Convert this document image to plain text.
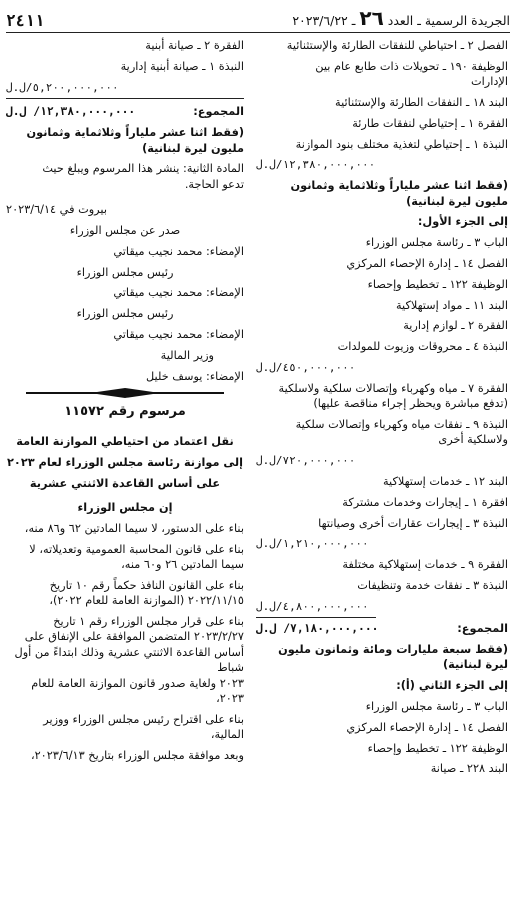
الجريدة الرسمية ـ العدد ٢٦ ـ ٢٠٢٣/٦/٢٢
٢٤١١

الفصل ٢ ـ احتياطي للنفقات الطارئة والإستثنائية

الوظيفة ١٩٠ ـ تحويلات ذات طابع عام بين

الإدارات

البند ١٨ ـ النفقات الطارئة والإستثنائية

الفقرة ١ ـ إحتياطي لنفقات طارئة

النبذة ١ ـ إحتياطي لتغذية مختلف بنود الموازنة

١٢,٣٨٠,٠٠٠,٠٠٠/ل.ل

(فقط اثنا عشر ملياراً وثلاثماية وثمانون

مليون ليرة لبنانية)

إلى الجزء الأول:

الباب ٣ ـ رئاسة مجلس الوزراء

الفصل ١٤ ـ إدارة الإحصاء المركزي

الوظيفة ١٢٢ ـ تخطيط وإحصاء

البند ١١ ـ مواد إستهلاكية

الفقرة ٢ ـ لوازم إدارية

النبذة ٤ ـ محروقات وزيوت للمولدات

٤٥٠,٠٠٠,٠٠٠/ل.ل

الفقرة ٧ ـ مياه وكهرباء وإتصالات سلكية ولاسلكية

(تدفع مباشرة ويحظر إجراء مناقصة عليها)

النبذة ٩ ـ نفقات مياه وكهرباء وإتصالات سلكية

ولاسلكية أخرى

٧٢٠,٠٠٠,٠٠٠/ل.ل

البند ١٢ ـ خدمات إستهلاكية

افقرة ١ ـ إيجارات وخدمات مشتركة

النبذة ٣ ـ إيجارات عقارات أخرى وصيانتها

١,٢١٠,٠٠٠,٠٠٠/ل.ل

الفقرة ٩ ـ خدمات إستهلاكية مختلفة

النبذة ٣ ـ نفقات خدمة وتنظيفات

٤,٨٠٠,٠٠٠,٠٠٠/ل.ل

المجموع:
٧,١٨٠,٠٠٠,٠٠٠/ ل.ل

(فقط سبعة مليارات ومائة وثمانون مليون

ليرة لبنانية)

إلى الجزء الثاني (أ):

الباب ٣ ـ رئاسة مجلس الوزراء

الفصل ١٤ ـ إدارة الإحصاء المركزي

الوظيفة ١٢٢ ـ تخطيط وإحصاء

البند ٢٢٨ ـ صيانة

الفقرة ٢ ـ صيانة أبنية

النبذة ١ ـ صيانة أبنية إدارية

٥,٢٠٠,٠٠٠,٠٠٠/ل.ل

المجموع:
١٢,٣٨٠,٠٠٠,٠٠٠/ ل.ل

(فقط اثنا عشر ملياراً وثلاثماية وثمانون

مليون ليرة لبنانية)

المادة الثانية: ينشر هذا المرسوم ويبلغ حيث

تدعو الحاجة.

بيروت في ٢٠٢٣/٦/١٤

صدر عن مجلس الوزراء

الإمضاء: محمد نجيب ميقاتي

رئيس مجلس الوزراء

الإمضاء: محمد نجيب ميقاتي

رئيس مجلس الوزراء

الإمضاء: محمد نجيب ميقاتي

وزير المالية

الإمضاء: يوسف خليل

مرسوم رقم ١١٥٧٢

نقل اعتماد من احتياطي الموازنة العامة

إلى موازنة رئاسة مجلس الوزراء لعام ٢٠٢٣

على أساس القاعدة الاثنتي عشرية

إن مجلس الوزراء

بناء على الدستور، لا سيما المادتين ٦٢ و٨٦ منه،

بناء على قانون المحاسبة العمومية وتعديلاته، لا

سيما المادتين ٢٦ و٦٠ منه،

بناء على القانون النافذ حكماً رقم ١٠ تاريخ

٢٠٢٢/١١/١٥ (الموازنة العامة للعام ٢٠٢٢)،

بناء على قرار مجلس الوزراء رقم ١ تاريخ

٢٠٢٣/٢/٢٧ المتضمن الموافقة على الإنفاق على

أساس القاعدة الاثنتي عشرية وذلك ابتداءً من أول شباط

٢٠٢٣ ولغاية صدور قانون الموازنة العامة للعام

٢٠٢٣،

بناء على اقتراح رئيس مجلس الوزراء ووزير

المالية،

وبعد موافقة مجلس الوزراء بتاريخ ٢٠٢٣/٦/١٣،
